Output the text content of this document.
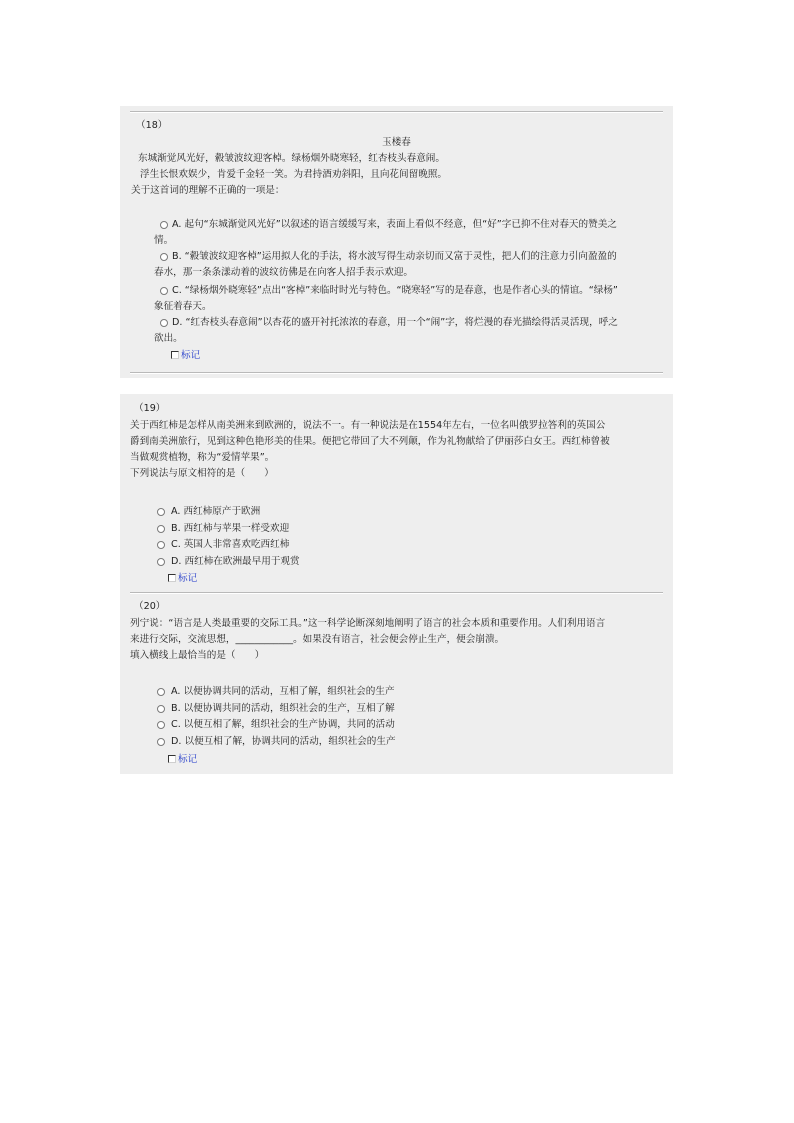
（18）
玉楼春
东城渐觉风光好，縠皱波纹迎客棹。绿杨烟外晓寒轻，红杏枝头春意闹。
浮生长恨欢娱少，肯爱千金轻一笑。为君持酒劝斜阳，且向花间留晚照。
关于这首词的理解不正确的一项是：
A. 起句“东城渐觉风光好”以叙述的语言缓缓写来，表面上看似不经意，但“好”字已抑不住对春天的赞美之
情。
B. “縠皱波纹迎客棹”运用拟人化的手法，将水波写得生动亲切而又富于灵性，把人们的注意力引向盈盈的
春水，那一条条漾动着的波纹彷佛是在向客人招手表示欢迎。
C. “绿杨烟外晓寒轻”点出“客棹”来临时时光与特色。“晓寒轻”写的是春意，也是作者心头的情谊。“绿杨”
象征着春天。
D. “红杏枝头春意闹”以杏花的盛开衬托浓浓的春意，用一个“闹”字，将烂漫的春光描绘得活灵活现，呼之
欲出。
标记
（19）
关于西红柿是怎样从南美洲来到欧洲的，说法不一。有一种说法是在1554年左右，一位名叫俄罗拉答利的英国公
爵到南美洲旅行，见到这种色艳形美的佳果。便把它带回了大不列颠，作为礼物献给了伊丽莎白女王。西红柿曾被
当做观赏植物，称为“爱情苹果”。
下列说法与原文相符的是（　　）
A. 西红柿原产于欧洲
B. 西红柿与苹果一样受欢迎
C. 英国人非常喜欢吃西红柿
D. 西红柿在欧洲最早用于观赏
标记
（20）
列宁说：“语言是人类最重要的交际工具。”这一科学论断深刻地阐明了语言的社会本质和重要作用。人们利用语言
来进行交际，交流思想，____________。如果没有语言，社会便会停止生产，便会崩溃。
填入横线上最恰当的是（　　）
A. 以便协调共同的活动，互相了解，组织社会的生产
B. 以便协调共同的活动，组织社会的生产，互相了解
C. 以便互相了解，组织社会的生产协调，共同的活动
D. 以便互相了解，协调共同的活动，组织社会的生产
标记
